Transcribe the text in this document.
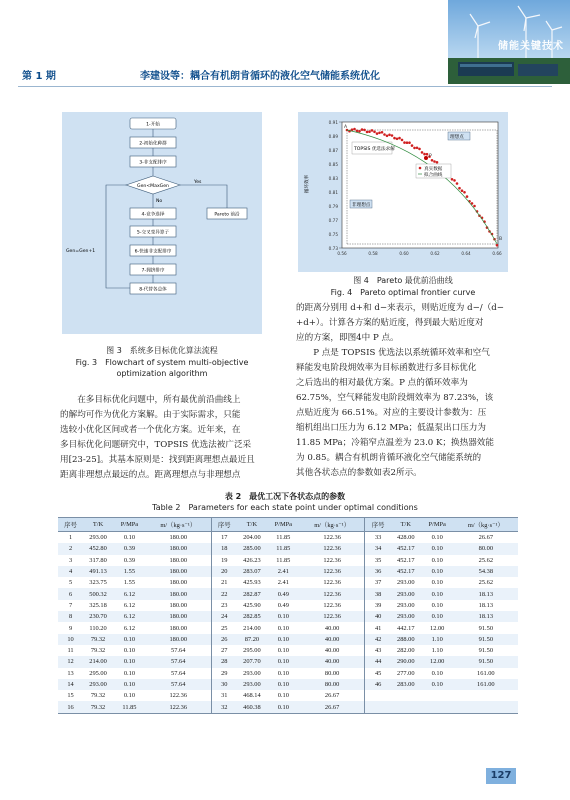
第 1 期	李建设等：耦合有机朗肯循环的液化空气储能系统优化
储能关键技术
1-开始
2-初始化种群
3-非支配排序
Gen<MaxGen
4-竞争选择
5-交叉变异算子
6-快速非支配排序
7-拥挤排序
8-代替各总体
Pareto 前沿
Yes
No
Gen=Gen+1
图 3　系统多目标优化算法流程
Fig. 3　Flowchart of system multi-objective optimization algorithm
0.91
0.89
0.87
0.85
0.83
0.81
0.79
0.77
0.75
0.73
0.56	0.58	0.60	0.62	0.64	0.66
循环效率
TOPSIS 优选法求解
非理想点
理想点
真实数据
拟合曲线
A
B
P
图 4　Pareto 最优前沿曲线
Fig. 4　Pareto optimal frontier curve
在多目标优化问题中，所有最优前沿曲线上
的解均可作为优化方案解。由于实际需求，只能
选较小优化区间或者一个优化方案。近年来，在
多目标优化问题研究中，TOPSIS 优选法被广泛采
用[23-25]。其基本原则是：找到距离理想点最近且
距离非理想点最远的点。距离理想点与非理想点
的距离分别用 d+和 d−来表示，则贴近度为 d−/（d−
+d+）。计算各方案的贴近度，得到最大贴近度对
应的方案，即图4中 P 点。
P 点是 TOPSIS 优选法以系统循环效率和空气
释能发电阶段㶲效率为目标函数进行多目标优化
之后选出的相对最优方案。P 点的循环效率为
62.75%，空气释能发电阶段㶲效率为 87.23%，该
点贴近度为 66.51%。对应的主要设计参数为：压
缩机组出口压力为 6.12 MPa；低温泵出口压力为
11.85 MPa；冷箱窄点温差为 23.0 K；换热器效能
为 0.85。耦合有机朗肯循环液化空气储能系统的
其他各状态点的参数如表2所示。
表 2　最优工况下各状态点的参数
Table 2　Parameters for each state point under optimal conditions
序号	T/K	P/MPa	m/（kg·s⁻¹）	序号	T/K	P/MPa	m/（kg·s⁻¹）	序号	T/K	P/MPa	m/（kg·s⁻¹）
1	293.00	0.10	180.00	17	204.00	11.85	122.36	33	428.00	0.10	26.67
2	452.80	0.39	180.00	18	285.00	11.85	122.36	34	452.17	0.10	80.00
3	317.80	0.39	180.00	19	426.23	11.85	122.36	35	452.17	0.10	25.62
4	491.13	1.55	180.00	20	283.07	2.41	122.36	36	452.17	0.10	54.38
5	323.75	1.55	180.00	21	425.93	2.41	122.36	37	293.00	0.10	25.62
6	500.32	6.12	180.00	22	282.87	0.49	122.36	38	293.00	0.10	18.13
7	325.18	6.12	180.00	23	425.90	0.49	122.36	39	293.00	0.10	18.13
8	230.70	6.12	180.00	24	282.85	0.10	122.36	40	293.00	0.10	18.13
9	110.20	6.12	180.00	25	214.00	0.10	40.00	41	442.17	12.00	91.50
10	79.32	0.10	180.00	26	87.20	0.10	40.00	42	288.00	1.10	91.50
11	79.32	0.10	57.64	27	295.00	0.10	40.00	43	282.00	1.10	91.50
12	214.00	0.10	57.64	28	207.70	0.10	40.00	44	290.00	12.00	91.50
13	295.00	0.10	57.64	29	293.00	0.10	80.00	45	277.00	0.10	161.00
14	293.00	0.10	57.64	30	293.00	0.10	80.00	46	283.00	0.10	161.00
15	79.32	0.10	122.36	31	468.14	0.10	26.67				
16	79.32	11.85	122.36	32	460.38	0.10	26.67				
127
